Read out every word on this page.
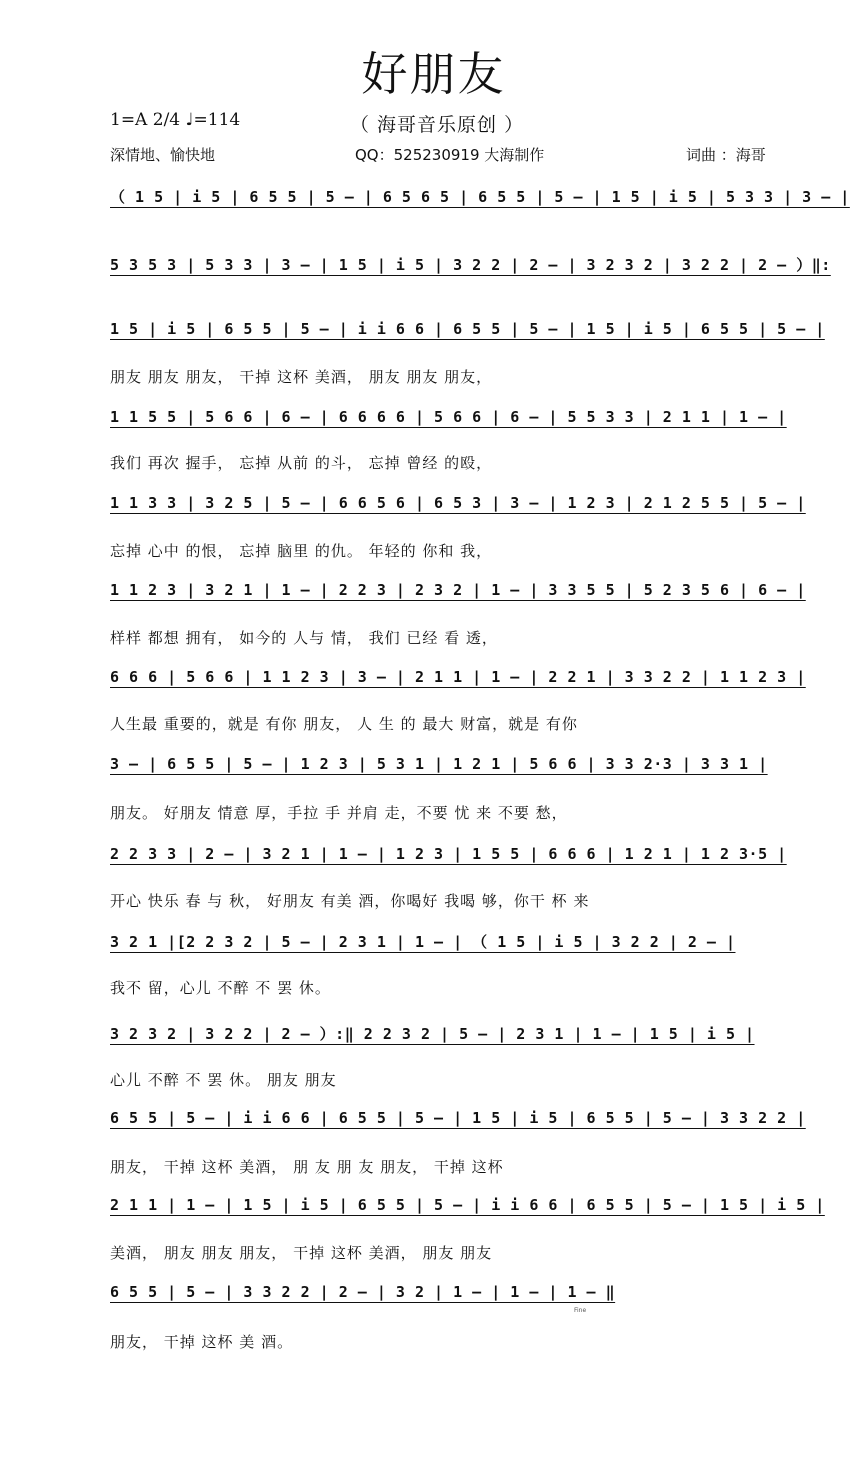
好朋友
1=A 2/4 ♩=114	（ 海哥音乐原创 ）
深情地、愉快地	QQ：525230919 大海制作	词曲 ：海哥
（ 1 5 | i 5 | 6 5 5 | 5 — | 6 5 6 5 | 6 5 5 | 5 — | 1 5 | i 5 | 5 3 3 | 3 — |
5 3 5 3 | 5 3 3 | 3 — | 1 5 | i 5 | 3 2 2 | 2 — | 3 2 3 2 | 3 2 2 | 2 — ）‖:
1 5 | i 5 | 6 5 5 | 5 — | i i 6 6 | 6 5 5 | 5 — | 1 5 | i 5 | 6 5 5 | 5 — |
朋友 朋友 朋友， 干掉 这杯 美酒， 朋友 朋友 朋友，
1 1 5 5 | 5 6 6 | 6 — | 6 6 6 6 | 5 6 6 | 6 — | 5 5 3 3 | 2 1 1 | 1 — |
我们 再次 握手， 忘掉 从前 的斗， 忘掉 曾经 的殴，
1 1 3 3 | 3 2 5 | 5 — | 6 6 5 6 | 6 5 3 | 3 — | 1 2 3 | 2 1 2 5 5 | 5 — |
忘掉 心中 的恨， 忘掉 脑里 的仇。 年轻的 你和 我，
1 1 2 3 | 3 2 1 | 1 — | 2 2 3 | 2 3 2 | 1 — | 3 3 5 5 | 5 2 3 5 6 | 6 — |
样样 都想 拥有， 如今的 人与 情， 我们 已经 看 透，
6 6 6 | 5 6 6 | 1 1 2 3 | 3 — | 2 1 1 | 1 — | 2 2 1 | 3 3 2 2 | 1 1 2 3 |
人生最 重要的，就是 有你 朋友， 人 生 的 最大 财富，就是 有你
3 — | 6 5 5 | 5 — | 1 2 3 | 5 3 1 | 1 2 1 | 5 6 6 | 3 3 2·3 | 3 3 1 |
朋友。 好朋友 情意 厚，手拉 手 并肩 走，不要 忧 来 不要 愁，
2 2 3 3 | 2 — | 3 2 1 | 1 — | 1 2 3 | 1 5 5 | 6 6 6 | 1 2 1 | 1 2 3·5 |
开心 快乐 春 与 秋， 好朋友 有美 酒，你喝好 我喝 够，你干 杯 来
3 2 1 |[2 2 3 2 | 5 — | 2 3 1 | 1 — | （ 1 5 | i 5 | 3 2 2 | 2 — |
我不 留，心儿 不醉 不 罢 休。
3 2 3 2 | 3 2 2 | 2 — ）:‖ 2 2 3 2 | 5 — | 2 3 1 | 1 — | 1 5 | i 5 |
心儿 不醉 不 罢 休。 朋友 朋友
6 5 5 | 5 — | i i 6 6 | 6 5 5 | 5 — | 1 5 | i 5 | 6 5 5 | 5 — | 3 3 2 2 |
朋友， 干掉 这杯 美酒， 朋 友 朋 友 朋友， 干掉 这杯
2 1 1 | 1 — | 1 5 | i 5 | 6 5 5 | 5 — | i i 6 6 | 6 5 5 | 5 — | 1 5 | i 5 |
美酒， 朋友 朋友 朋友， 干掉 这杯 美酒， 朋友 朋友
6 5 5 | 5 — | 3 3 2 2 | 2 — | 3 2 | 1 — | 1 — | 1 — ‖
朋友， 干掉 这杯 美 酒。
Fine
